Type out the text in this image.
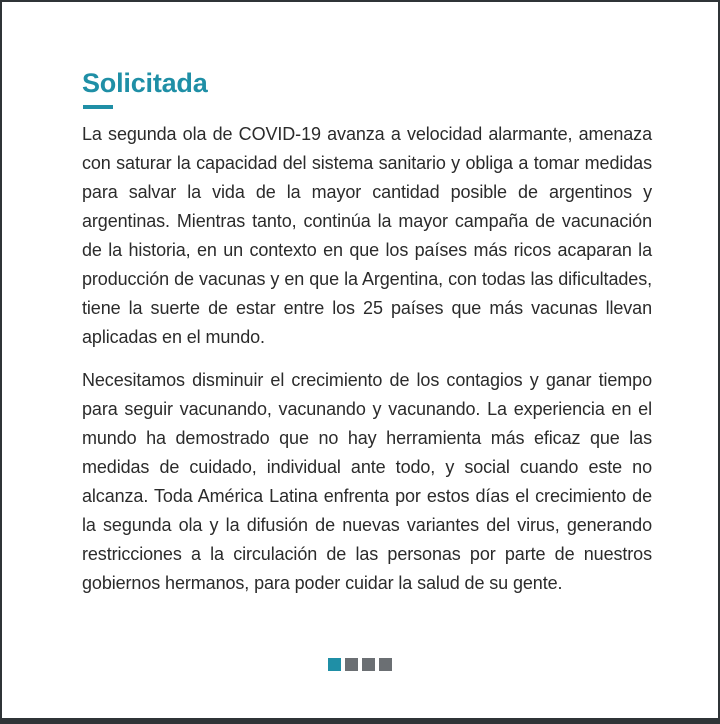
Solicitada

La segunda ola de COVID-19 avanza a velocidad alarmante, amenaza con saturar la capacidad del sistema sanitario y obliga a tomar medidas para salvar la vida de la mayor cantidad posible de argentinos y argentinas. Mientras tanto, continúa la mayor campaña de vacunación de la historia, en un contexto en que los países más ricos acaparan la producción de vacunas y en que la Argentina, con todas las dificultades, tiene la suerte de estar entre los 25 países que más vacunas llevan aplicadas en el mundo.

Necesitamos disminuir el crecimiento de los contagios y ganar tiempo para seguir vacunando, vacunando y vacunando. La experiencia en el mundo ha demostrado que no hay herramienta más eficaz que las medidas de cuidado, individual ante todo, y social cuando este no alcanza. Toda América Latina enfrenta por estos días el crecimiento de la segunda ola y la difusión de nuevas variantes del virus, generando restricciones a la circulación de las personas por parte de nuestros gobiernos hermanos, para poder cuidar la salud de su gente.
